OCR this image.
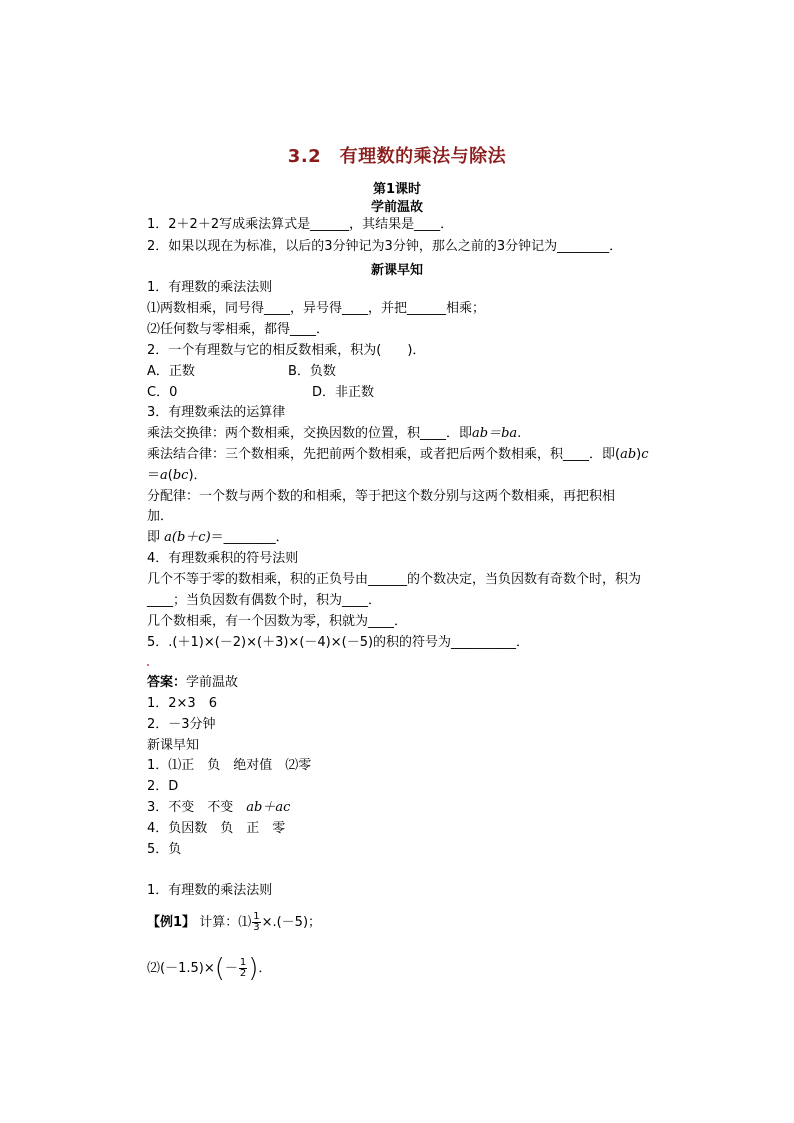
3.2　有理数的乘法与除法
第1课时
学前温故
1．2＋2＋2写成乘法算式是______，其结果是____．
2．如果以现在为标准，以后的3分钟记为3分钟，那么之前的3分钟记为________．
新课早知
1．有理数的乘法法则
⑴两数相乘，同号得____，异号得____，并把______相乘；
⑵任何数与零相乘，都得____．
2．一个有理数与它的相反数相乘，积为(　　)．
A．正数	B．负数
C．0	D．非正数
3．有理数乘法的运算律
乘法交换律：两个数相乘，交换因数的位置，积____．即ab＝ba.
乘法结合律：三个数相乘，先把前两个数相乘，或者把后两个数相乘，积____．即(ab)c
＝a(bc)．
分配律：一个数与两个数的和相乘，等于把这个数分别与这两个数相乘，再把积相
加．
即 a(b＋c)＝________．
4．有理数乘积的符号法则
几个不等于零的数相乘，积的正负号由______的个数决定，当负因数有奇数个时，积为
____；当负因数有偶数个时，积为____．
几个数相乘，有一个因数为零，积就为____．
5．.(＋1)×(－2)×(＋3)×(－4)×(－5)的积的符号为__________．
答案：学前温故
1．2×3　6
2．－3分钟
新课早知
1．⑴正　负　绝对值　⑵零
2．D
3．不变　不变　ab＋ac
4．负因数　负　正　零
5．负
1．有理数的乘法法则
【例1】 计算：⑴ $\frac{1}{3} \times.(-5)$；
⑵(－1.5)×(－ $\frac{1}{2}$ )．
